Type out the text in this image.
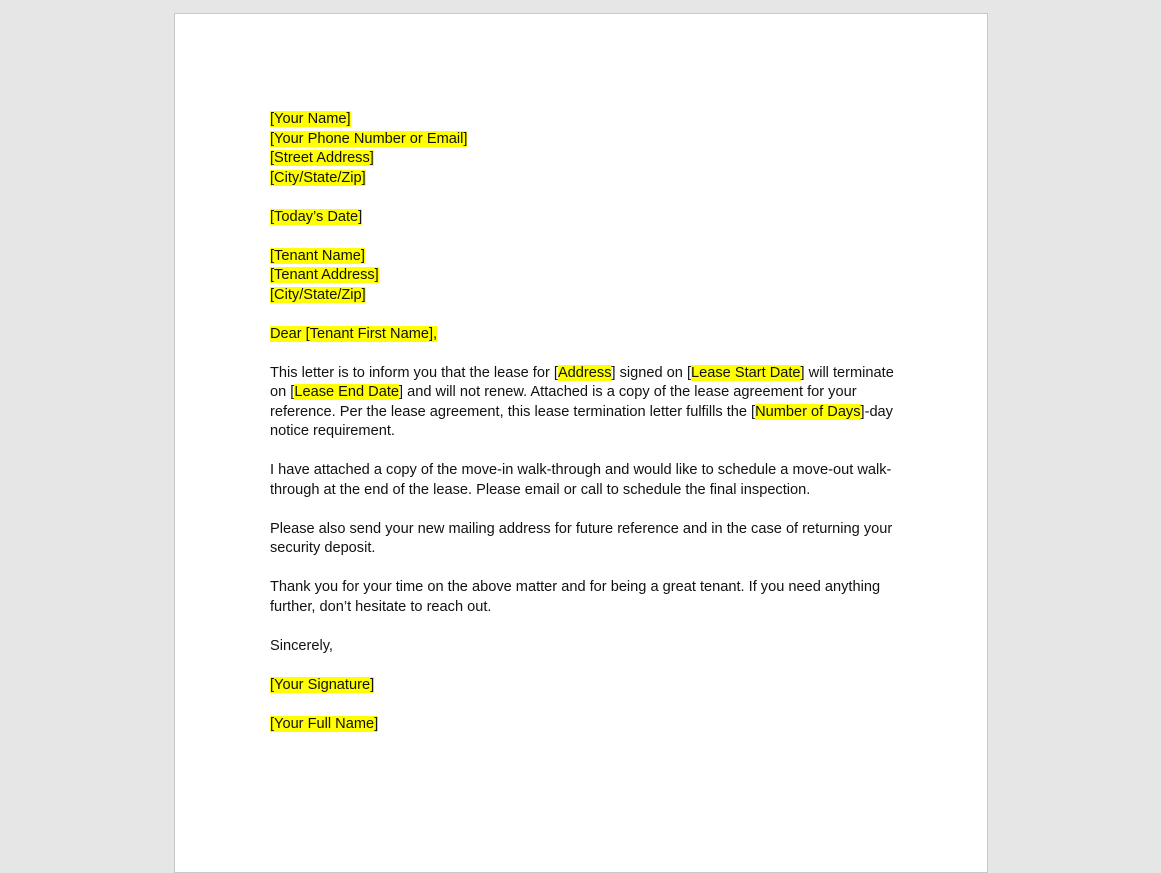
[Your Name]
[Your Phone Number or Email]
[Street Address]
[City/State/Zip]
[Today’s Date]
[Tenant Name]
[Tenant Address]
[City/State/Zip]
Dear [Tenant First Name],
This letter is to inform you that the lease for [Address] signed on [Lease Start Date] will terminate on [Lease End Date] and will not renew. Attached is a copy of the lease agreement for your reference. Per the lease agreement, this lease termination letter fulfills the [Number of Days]-day notice requirement.
I have attached a copy of the move-in walk-through and would like to schedule a move-out walk-through at the end of the lease. Please email or call to schedule the final inspection.
Please also send your new mailing address for future reference and in the case of returning your security deposit.
Thank you for your time on the above matter and for being a great tenant. If you need anything further, don’t hesitate to reach out.
Sincerely,
[Your Signature]
[Your Full Name]
